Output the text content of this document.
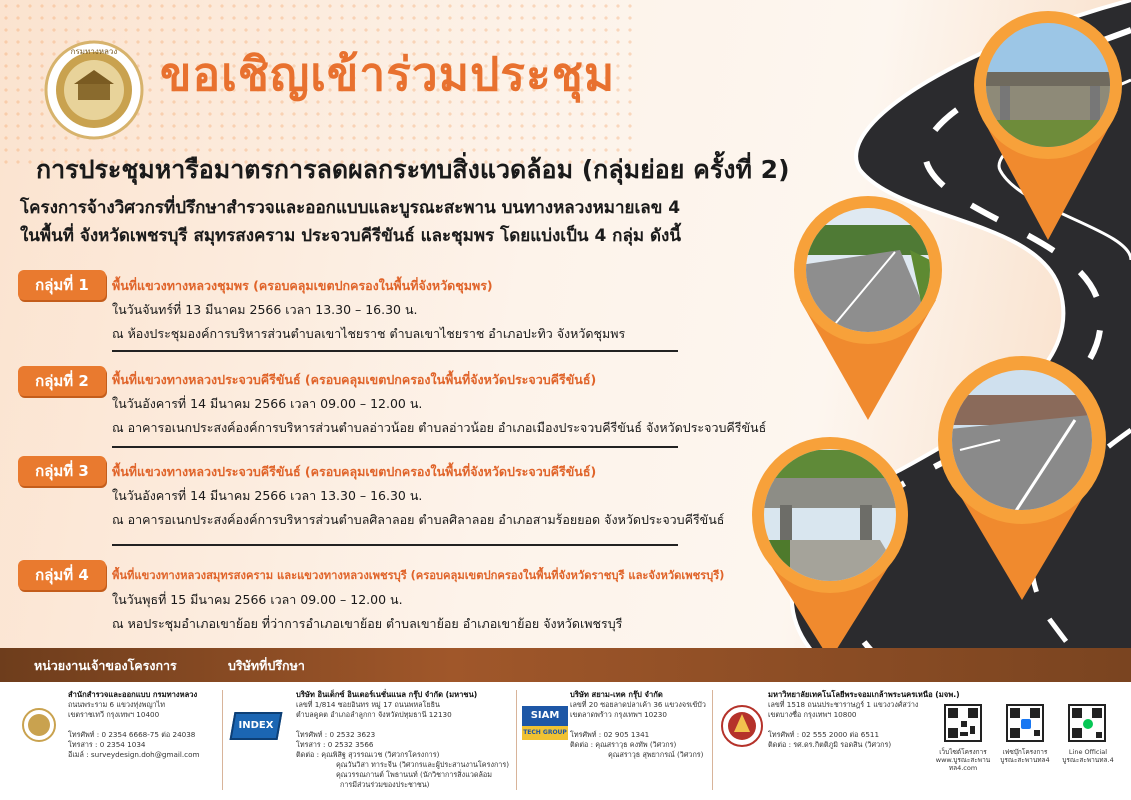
กรมทางหลวง ขอเชิญเข้าร่วมประชุม
การประชุมหารือมาตรการลดผลกระทบสิ่งแวดล้อม (กลุ่มย่อย ครั้งที่ 2)
โครงการจ้างวิศวกรที่ปรึกษาสำรวจและออกแบบและบูรณะสะพาน บนทางหลวงหมายเลข 4
ในพื้นที่ จังหวัดเพชรบุรี สมุทรสงคราม ประจวบคีรีขันธ์ และชุมพร โดยแบ่งเป็น 4 กลุ่ม ดังนี้
กลุ่มที่ 1	พื้นที่แขวงทางหลวงชุมพร (ครอบคลุมเขตปกครองในพื้นที่จังหวัดชุมพร)
ในวันจันทร์ที่ 13 มีนาคม 2566 เวลา 13.30 – 16.30 น.
ณ ห้องประชุมองค์การบริหารส่วนตำบลเขาไชยราช ตำบลเขาไชยราช อำเภอปะทิว จังหวัดชุมพร
กลุ่มที่ 2	พื้นที่แขวงทางหลวงประจวบคีรีขันธ์ (ครอบคลุมเขตปกครองในพื้นที่จังหวัดประจวบคีรีขันธ์)
ในวันอังคารที่ 14 มีนาคม 2566 เวลา 09.00 – 12.00 น.
ณ อาคารอเนกประสงค์องค์การบริหารส่วนตำบลอ่าวน้อย ตำบลอ่าวน้อย อำเภอเมืองประจวบคีรีขันธ์ จังหวัดประจวบคีรีขันธ์
กลุ่มที่ 3	พื้นที่แขวงทางหลวงประจวบคีรีขันธ์ (ครอบคลุมเขตปกครองในพื้นที่จังหวัดประจวบคีรีขันธ์)
ในวันอังคารที่ 14 มีนาคม 2566 เวลา 13.30 – 16.30 น.
ณ อาคารอเนกประสงค์องค์การบริหารส่วนตำบลศิลาลอย ตำบลศิลาลอย อำเภอสามร้อยยอด จังหวัดประจวบคีรีขันธ์
กลุ่มที่ 4	พื้นที่แขวงทางหลวงสมุทรสงคราม และแขวงทางหลวงเพชรบุรี (ครอบคลุมเขตปกครองในพื้นที่จังหวัดราชบุรี และจังหวัดเพชรบุรี)
ในวันพุธที่ 15 มีนาคม 2566 เวลา 09.00 – 12.00 น.
ณ หอประชุมอำเภอเขาย้อย ที่ว่าการอำเภอเขาย้อย ตำบลเขาย้อย อำเภอเขาย้อย จังหวัดเพชรบุรี
หน่วยงานเจ้าของโครงการ	บริษัทที่ปรึกษา
สำนักสำรวจและออกแบบ กรมทางหลวง
ถนนพระราม 6 แขวงทุ่งพญาไท
เขตราชเทวี กรุงเทพฯ 10400

โทรศัพท์ : 0 2354 6668-75 ต่อ 24038
โทรสาร : 0 2354 1034
อีเมล์ : surveydesign.doh@gmail.com
INDEX
บริษัท อินเด็กซ์ อินเตอร์เนชั่นแนล กรุ๊ป จำกัด (มหาชน)
เลขที่ 1/814 ซอยอินทร หมู่ 17 ถนนพหลโยธิน
ตำบลคูคต อำเภอลำลูกกา จังหวัดปทุมธานี 12130

โทรศัพท์ : 0 2532 3623
โทรสาร : 0 2532 3566
ติดต่อ : คุณพิสิฐ สุวรรณเวช (วิศวกรโครงการ)
คุณวันวิสา ทาระจีน (วิศวกรและผู้ประสานงานโครงการ)
คุณวรรณกานต์ โพธานนท์ (นักวิชาการสิ่งแวดล้อม
การมีส่วนร่วมของประชาชน)
SIAM
TECH GROUP
บริษัท สยาม-เทค กรุ๊ป จำกัด
เลขที่ 20 ซอยลาดปลาเค้า 36 แขวงจรเข้บัว
เขตลาดพร้าว กรุงเทพฯ 10230

โทรศัพท์ : 02 905 1341
ติดต่อ : คุณสราวุธ คงทัพ (วิศวกร)
คุณสราวุธ สุพยากรณ์ (วิศวกร)
มหาวิทยาลัยเทคโนโลยีพระจอมเกล้าพระนครเหนือ (มจพ.)
เลขที่ 1518 ถนนประชาราษฎร์ 1 แขวงวงศ์สว่าง
เขตบางซื่อ กรุงเทพฯ 10800

โทรศัพท์ : 02 555 2000 ต่อ 6511
ติดต่อ : รศ.ดร.กิตติภูมิ รอดสิน (วิศวกร)
เว็บไซต์โครงการ
www.บูรณะสะพานทล4.com
เฟซบุ๊กโครงการ
บูรณะสะพานทล4
Line Official
บูรณะสะพานทล.4
